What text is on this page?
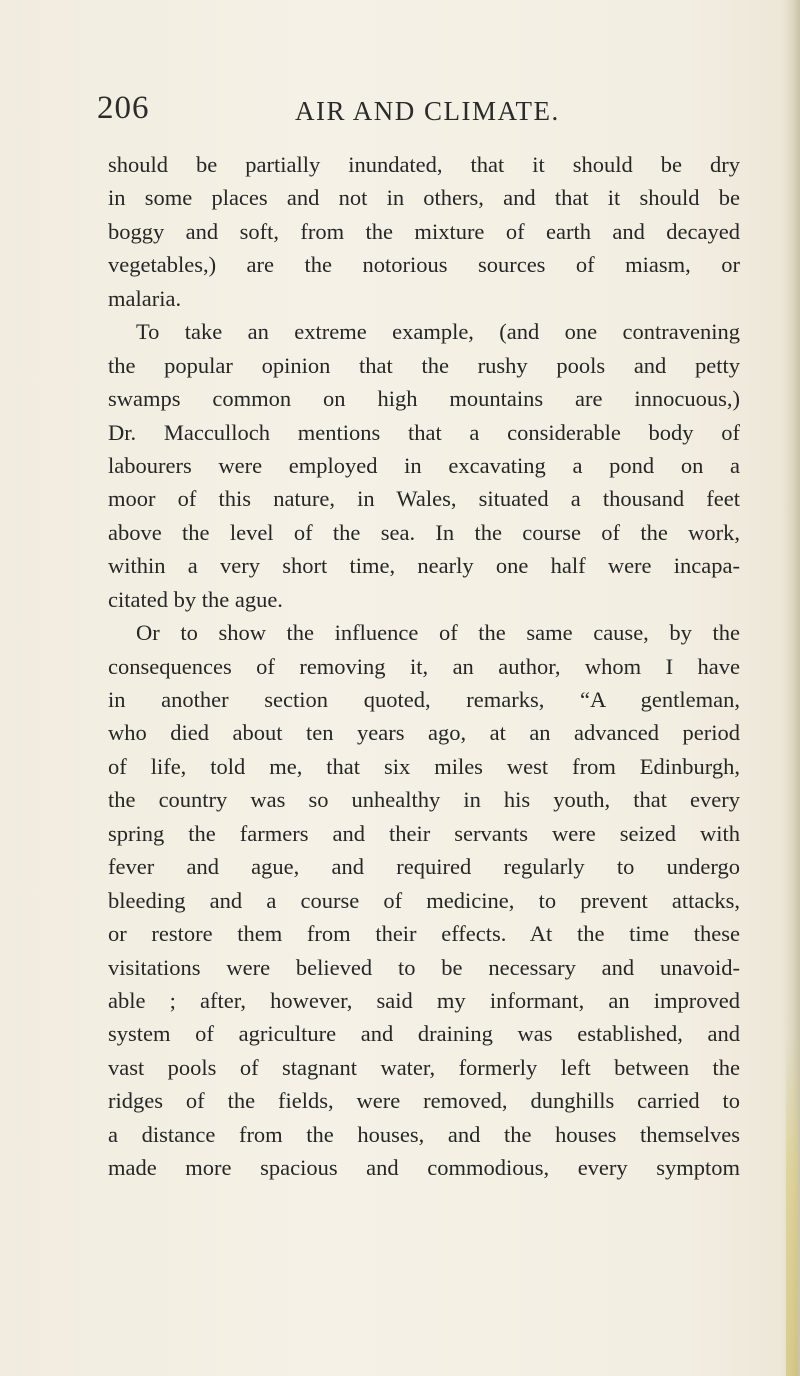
206	AIR AND CLIMATE.
should be partially inundated, that it should be dry
in some places and not in others, and that it should be
boggy and soft, from the mixture of earth and decayed
vegetables,) are the notorious sources of miasm, or
malaria.
To take an extreme example, (and one contravening
the popular opinion that the rushy pools and petty
swamps common on high mountains are innocuous,)
Dr. Macculloch mentions that a considerable body of
labourers were employed in excavating a pond on a
moor of this nature, in Wales, situated a thousand feet
above the level of the sea. In the course of the work,
within a very short time, nearly one half were incapa-
citated by the ague.
Or to show the influence of the same cause, by the
consequences of removing it, an author, whom I have
in another section quoted, remarks, “A gentleman,
who died about ten years ago, at an advanced period
of life, told me, that six miles west from Edinburgh,
the country was so unhealthy in his youth, that every
spring the farmers and their servants were seized with
fever and ague, and required regularly to undergo
bleeding and a course of medicine, to prevent attacks,
or restore them from their effects. At the time these
visitations were believed to be necessary and unavoid-
able ; after, however, said my informant, an improved
system of agriculture and draining was established, and
vast pools of stagnant water, formerly left between the
ridges of the fields, were removed, dunghills carried to
a distance from the houses, and the houses themselves
made more spacious and commodious, every symptom
